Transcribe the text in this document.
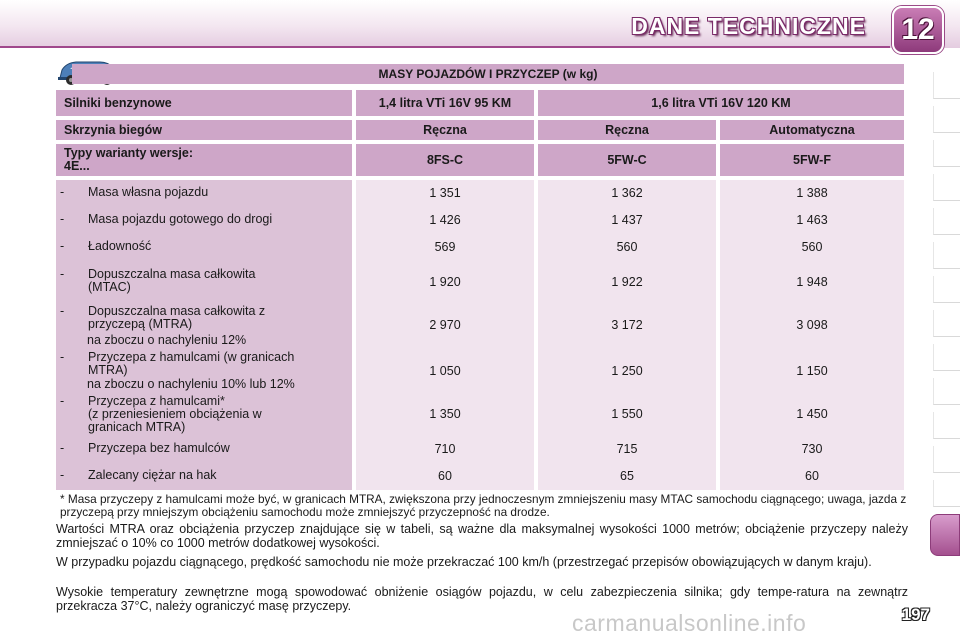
DANE TECHNICZNE	12
MASY POJAZDÓW I PRZYCZEP (w kg)
Silniki benzynowe	1,4 litra VTi 16V 95 KM	1,6 litra VTi 16V 120 KM
Skrzynia biegów	Ręczna	Ręczna	Automatyczna
Typy warianty wersje:
4E...	8FS-C	5FW-C	5FW-F
- Masa własna pojazdu	1 351	1 362	1 388
- Masa pojazdu gotowego do drogi	1 426	1 437	1 463
- Ładowność	569	560	560
- Dopuszczalna masa całkowita
(MTAC)	1 920	1 922	1 948
- Dopuszczalna masa całkowita z
przyczepą (MTRA)
na zboczu o nachyleniu 12%
2 970	3 172	3 098
- Przyczepa z hamulcami (w granicach
MTRA)
na zboczu o nachyleniu 10% lub 12%
1 050	1 250	1 150
- Przyczepa z hamulcami*
(z przeniesieniem obciążenia w
granicach MTRA)
1 350	1 550	1 450
- Przyczepa bez hamulców	710	715	730
- Zalecany ciężar na hak	60	65	60
* Masa przyczepy z hamulcami może być, w granicach MTRA, zwiększona przy jednoczesnym zmniejszeniu masy MTAC samochodu ciągnącego; uwaga, jazda z przyczepą przy mniejszym obciążeniu samochodu może zmniejszyć przyczepność na drodze.
Wartości MTRA oraz obciążenia przyczep znajdujące się w tabeli, są ważne dla maksymalnej wysokości 1000 metrów; obciążenie przyczepy należy zmniejszać o 10% co 1000 metrów dodatkowej wysokości.
W przypadku pojazdu ciągnącego, prędkość samochodu nie może przekraczać 100 km/h (przestrzegać przepisów obowiązujących w danym kraju).
Wysokie temperatury zewnętrzne mogą spowodować obniżenie osiągów pojazdu, w celu zabezpieczenia silnika; gdy tempe-ratura na zewnątrz przekracza 37°C, należy ograniczyć masę przyczepy.
carmanualsonline.info	197
